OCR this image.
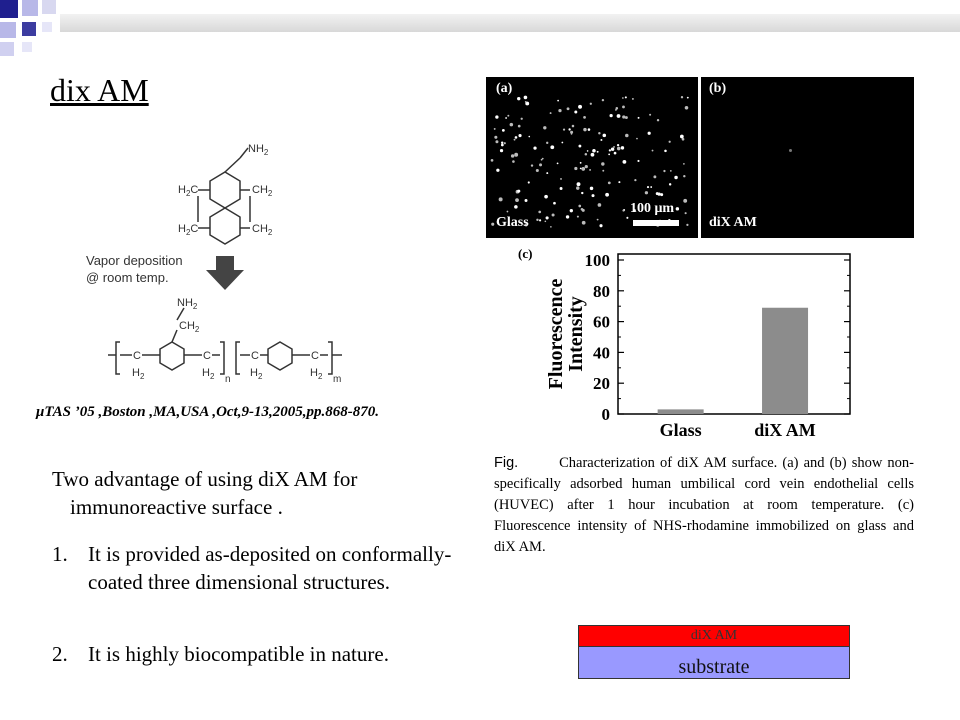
dix AM
$NH_2$
$H_2C$	$CH_2$
$H_2C$	$CH_2$
Vapor deposition
@ room temp.
$NH_2$
$CH_2$
C
$H_2$
C
$H_2$ n
C
$H_2$
C
$H_2$ m
μTAS ’05 ,Boston ,MA,USA ,Oct,9-13,2005,pp.868-870.
Two advantage of using diX AM for immunoreactive surface .
1. It is provided as-deposited on conformally-coated three dimensional structures.
2. It is highly biocompatible in nature.
(a)
Glass
100 μm
(b)
diX AM
(c)
0
20
40
60
80
100
Glass	diX AM
Fluorescence
Intensity
Fig.	Characterization of diX AM surface. (a) and (b) show non-specifically adsorbed human umbilical cord vein endothelial cells (HUVEC) after 1 hour incubation at room temperature. (c) Fluorescence intensity of NHS-rhodamine immobilized on glass and diX AM.
diX AM
substrate
